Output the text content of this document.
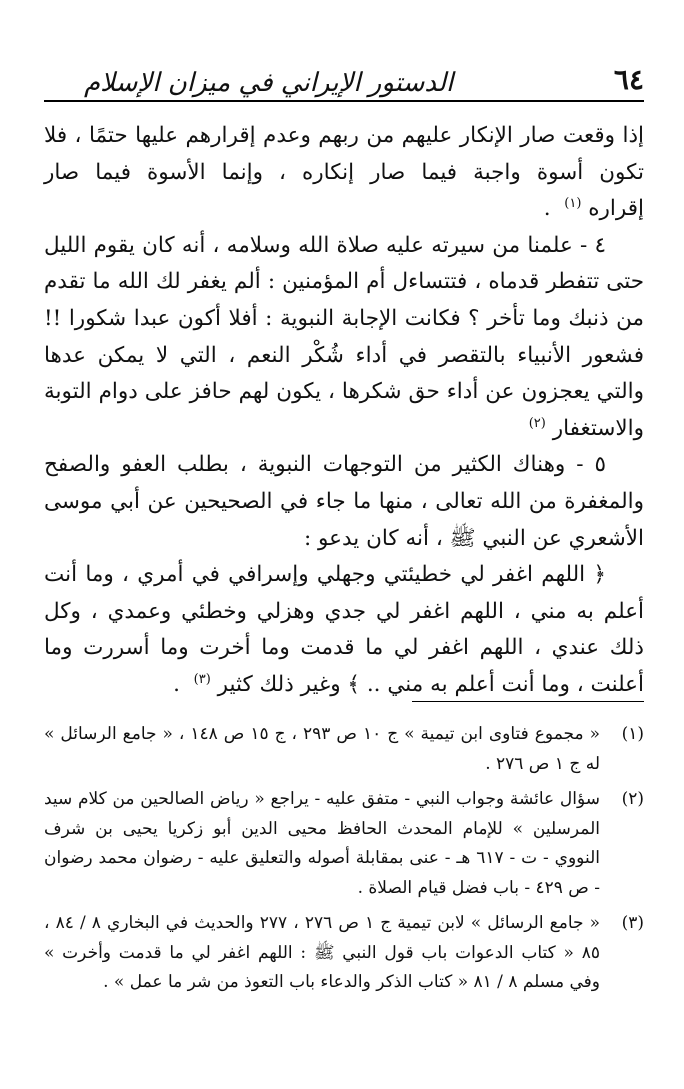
٦٤
الدستور الإيراني في ميزان الإسلام

إذا وقعت صار الإنكار عليهم من ربهم وعدم إقرارهم عليها حتمًا ، فلا تكون أسوة واجبة فيما صار إنكاره ، وإنما الأسوة فيما صار إقراره $^{(١)}$  .

٤ - علمنا من سيرته عليه صلاة الله وسلامه ، أنه كان يقوم الليل حتى تتفطر قدماه ، فتتساءل أم المؤمنين : ألم يغفر لك الله ما تقدم من ذنبك وما تأخر ؟ فكانت الإجابة النبوية : أفلا أكون عبدا شكورا !! فشعور الأنبياء بالتقصر في أداء شُكْر النعم ، التي لا يمكن عدها والتي يعجزون عن أداء حق شكرها ، يكون لهم حافز على دوام التوبة والاستغفار $^{(٢)}$

٥ - وهناك الكثير من التوجهات النبوية ، بطلب العفو والصفح والمغفرة من الله تعالى ، منها ما جاء في الصحيحين عن أبي موسى الأشعري عن النبي ﷺ ، أنه كان يدعو :

﴿ اللهم اغفر لي خطيئتي وجهلي وإسرافي في أمري ، وما أنت أعلم به مني ، اللهم اغفر لي جدي وهزلي وخطئي وعمدي ، وكل ذلك عندي ، اللهم اغفر لي ما قدمت وما أخرت وما أسررت وما أعلنت ، وما أنت أعلم به مني .. ﴾ وغير ذلك كثير $^{(٣)}$  .

(١)
« مجموع فتاوى ابن تيمية » ج ١٠ ص ٢٩٣ ، ج ١٥ ص ١٤٨ ، « جامع الرسائل » له ج ١ ص ٢٧٦ .
(٢)
سؤال عائشة وجواب النبي - متفق عليه - يراجع « رياض الصالحين من كلام سيد المرسلين » للإمام المحدث الحافظ محيى الدين أبو زكريا يحيى بن شرف النووي - ت - ٦١٧ هـ - عنى بمقابلة أصوله والتعليق عليه - رضوان محمد رضوان - ص ٤٢٩ - باب فضل قيام الصلاة .
(٣)
« جامع الرسائل » لابن تيمية ج ١ ص ٢٧٦ ، ٢٧٧ والحديث في البخاري ٨ / ٨٤ ، ٨٥ « كتاب الدعوات باب قول النبي ﷺ : اللهم اغفر لي ما قدمت وأخرت » وفي مسلم ٨ / ٨١ « كتاب الذكر والدعاء باب التعوذ من شر ما عمل » .
